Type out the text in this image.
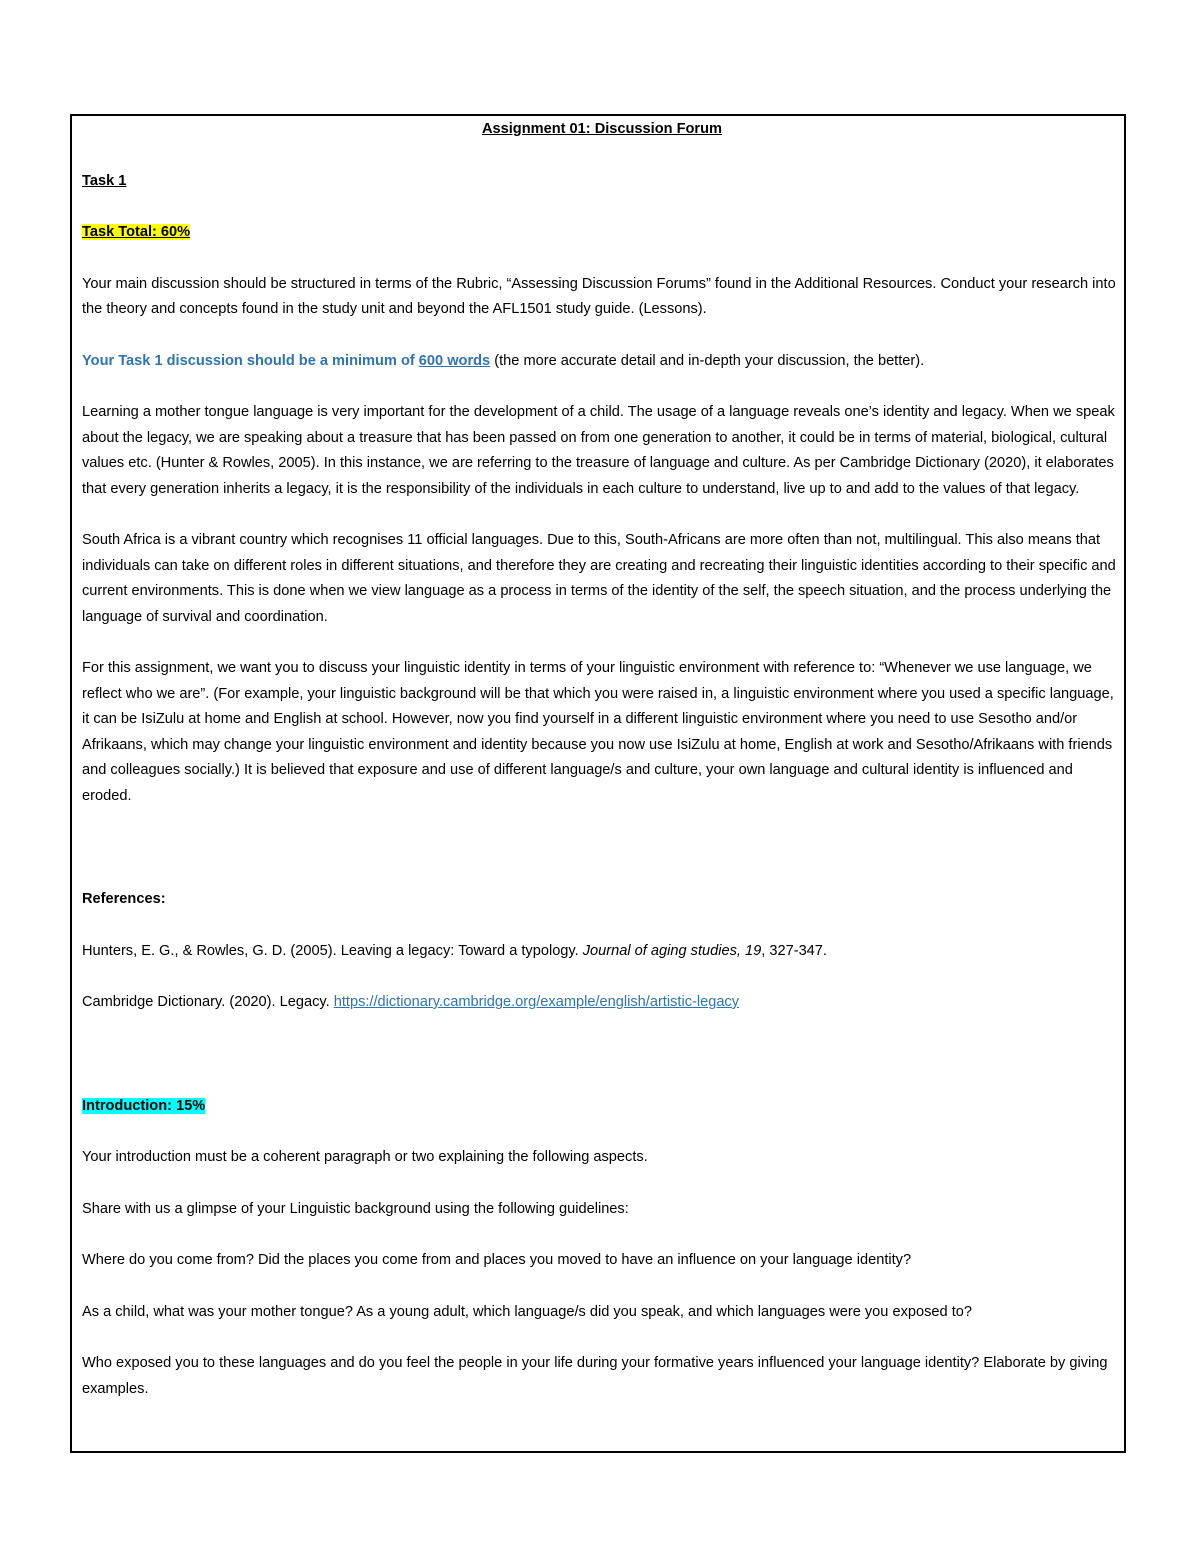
Assignment 01: Discussion Forum

Task 1

Task Total: 60%

Your main discussion should be structured in terms of the Rubric, “Assessing Discussion Forums” found in the Additional Resources. Conduct your research into the theory and concepts found in the study unit and beyond the AFL1501 study guide. (Lessons).

Your Task 1 discussion should be a minimum of 600 words (the more accurate detail and in-depth your discussion, the better).

Learning a mother tongue language is very important for the development of a child. The usage of a language reveals one’s identity and legacy. When we speak about the legacy, we are speaking about a treasure that has been passed on from one generation to another, it could be in terms of material, biological, cultural values etc. (Hunter & Rowles, 2005). In this instance, we are referring to the treasure of language and culture. As per Cambridge Dictionary (2020), it elaborates that every generation inherits a legacy, it is the responsibility of the individuals in each culture to understand, live up to and add to the values of that legacy.

South Africa is a vibrant country which recognises 11 official languages. Due to this, South-Africans are more often than not, multilingual. This also means that individuals can take on different roles in different situations, and therefore they are creating and recreating their linguistic identities according to their specific and current environments. This is done when we view language as a process in terms of the identity of the self, the speech situation, and the process underlying the language of survival and coordination.

For this assignment, we want you to discuss your linguistic identity in terms of your linguistic environment with reference to: “Whenever we use language, we reflect who we are”. (For example, your linguistic background will be that which you were raised in, a linguistic environment where you used a specific language, it can be IsiZulu at home and English at school. However, now you find yourself in a different linguistic environment where you need to use Sesotho and/or Afrikaans, which may change your linguistic environment and identity because you now use IsiZulu at home, English at work and Sesotho/Afrikaans with friends and colleagues socially.) It is believed that exposure and use of different language/s and culture, your own language and cultural identity is influenced and eroded.

References:

Hunters, E. G., & Rowles, G. D. (2005). Leaving a legacy: Toward a typology. Journal of aging studies, 19, 327-347.

Cambridge Dictionary. (2020). Legacy. https://dictionary.cambridge.org/example/english/artistic-legacy

Introduction: 15%

Your introduction must be a coherent paragraph or two explaining the following aspects.

Share with us a glimpse of your Linguistic background using the following guidelines:

Where do you come from? Did the places you come from and places you moved to have an influence on your language identity?

As a child, what was your mother tongue? As a young adult, which language/s did you speak, and which languages were you exposed to?

Who exposed you to these languages and do you feel the people in your life during your formative years influenced your language identity? Elaborate by giving examples.
